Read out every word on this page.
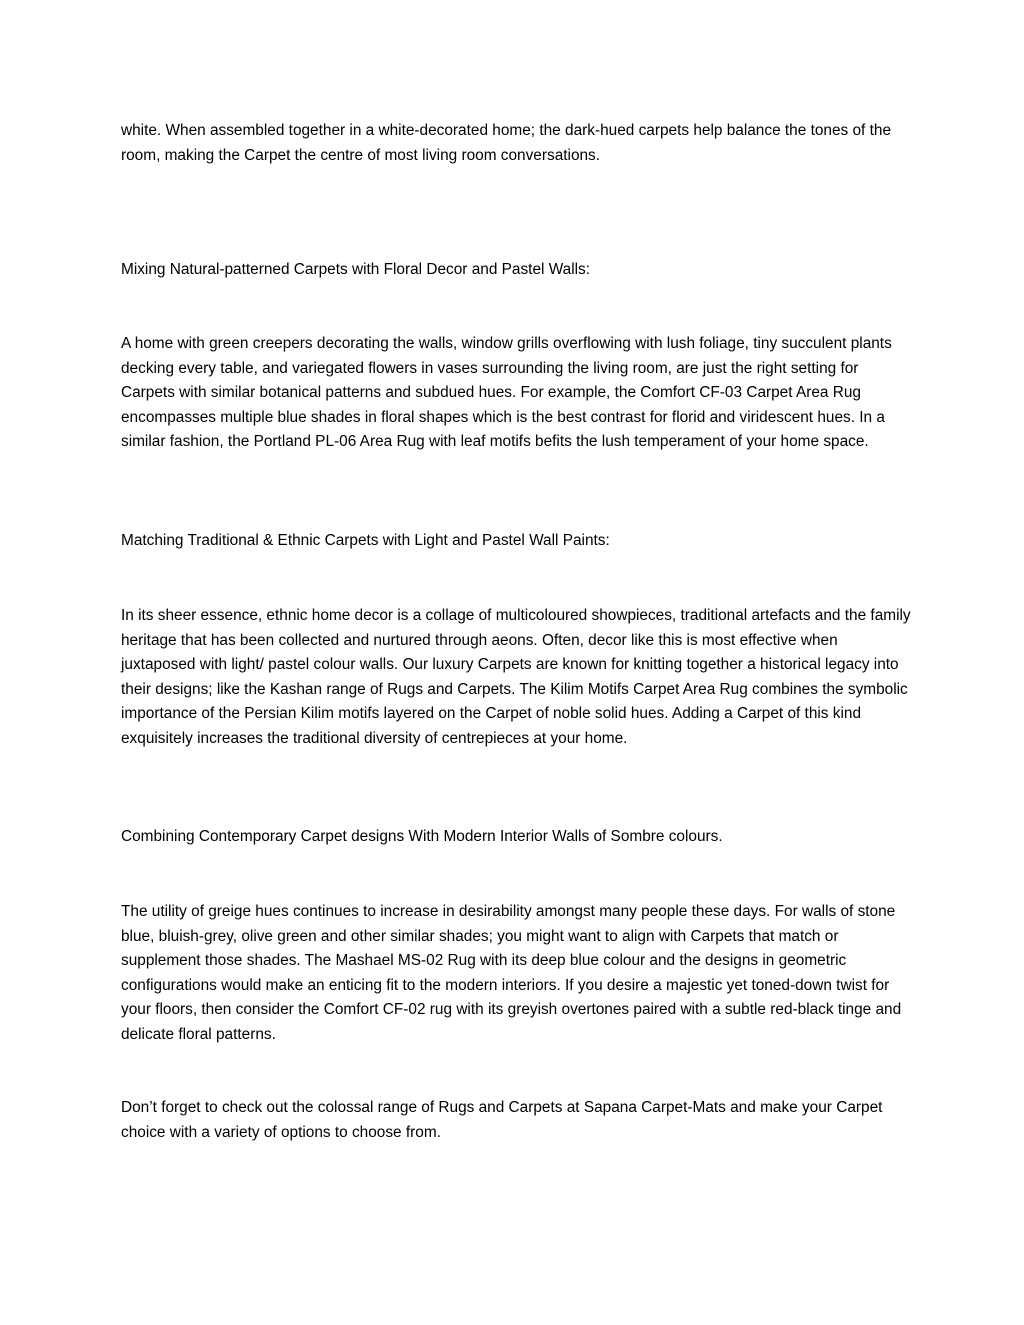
white. When assembled together in a white-decorated home; the dark-hued carpets help balance the tones of the room, making the Carpet the centre of most living room conversations.

Mixing Natural-patterned Carpets with Floral Decor and Pastel Walls:

A home with green creepers decorating the walls, window grills overflowing with lush foliage, tiny succulent plants decking every table, and variegated flowers in vases surrounding the living room, are just the right setting for Carpets with similar botanical patterns and subdued hues. For example, the Comfort CF-03 Carpet Area Rug encompasses multiple blue shades in floral shapes which is the best contrast for florid and viridescent hues. In a similar fashion, the Portland PL-06 Area Rug with leaf motifs befits the lush temperament of your home space.

Matching Traditional & Ethnic Carpets with Light and Pastel Wall Paints:

In its sheer essence, ethnic home decor is a collage of multicoloured showpieces, traditional artefacts and the family heritage that has been collected and nurtured through aeons. Often, decor like this is most effective when juxtaposed with light/ pastel colour walls. Our luxury Carpets are known for knitting together a historical legacy into their designs; like the Kashan range of Rugs and Carpets. The Kilim Motifs Carpet Area Rug combines the symbolic importance of the Persian Kilim motifs layered on the Carpet of noble solid hues. Adding a Carpet of this kind exquisitely increases the traditional diversity of centrepieces at your home.

Combining Contemporary Carpet designs With Modern Interior Walls of Sombre colours.

The utility of greige hues continues to increase in desirability amongst many people these days. For walls of stone blue, bluish-grey, olive green and other similar shades; you might want to align with Carpets that match or supplement those shades. The Mashael MS-02 Rug with its deep blue colour and the designs in geometric configurations would make an enticing fit to the modern interiors. If you desire a majestic yet toned-down twist for your floors, then consider the Comfort CF-02 rug with its greyish overtones paired with a subtle red-black tinge and delicate floral patterns.

Don’t forget to check out the colossal range of Rugs and Carpets at Sapana Carpet-Mats and make your Carpet choice with a variety of options to choose from.
